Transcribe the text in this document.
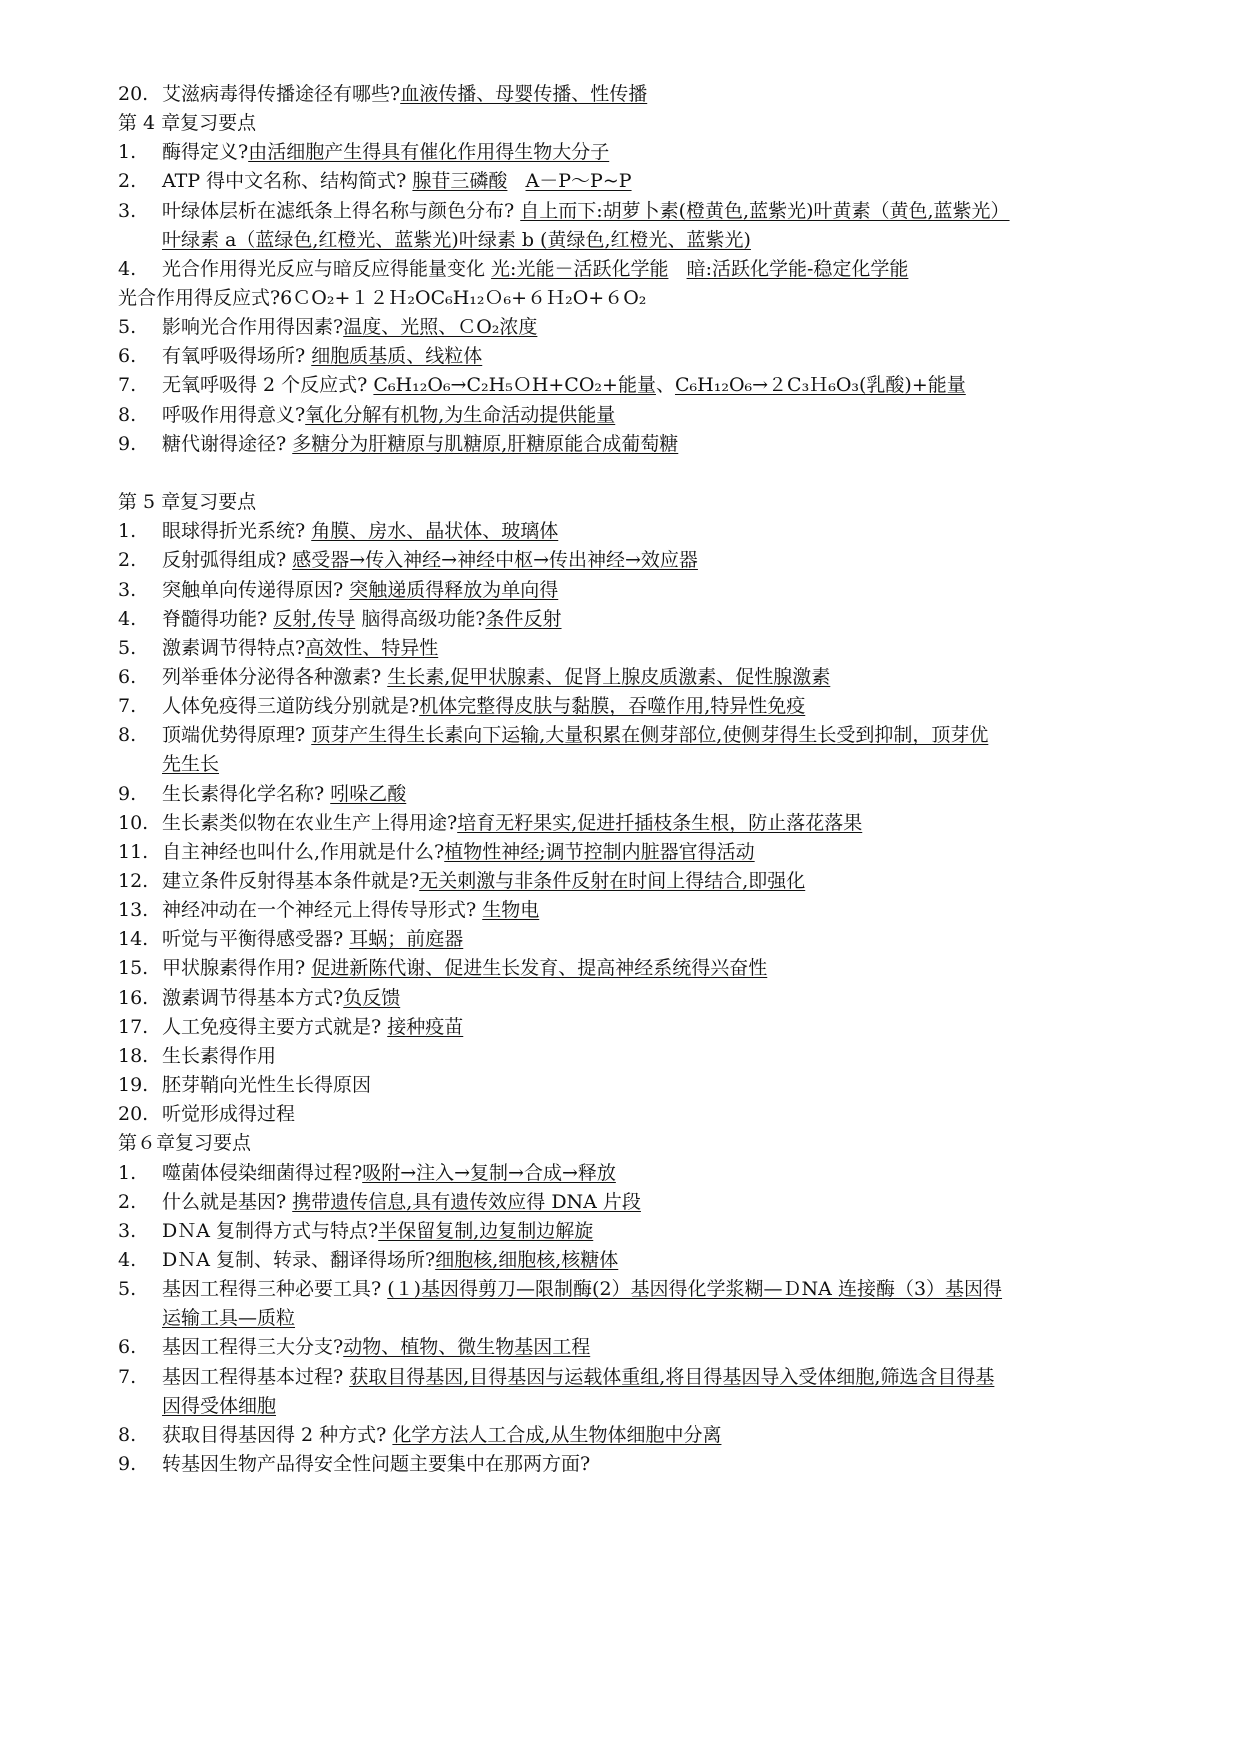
20. 艾滋病毒得传播途径有哪些?血液传播、母婴传播、性传播
第 4 章复习要点
1. 酶得定义?由活细胞产生得具有催化作用得生物大分子
2. ATP 得中文名称、结构简式? 腺苷三磷酸 A－P～P~P
3. 叶绿体层析在滤纸条上得名称与颜色分布? 自上而下:胡萝卜素(橙黄色,蓝紫光)叶黄素（黄色,蓝紫光）
叶绿素 a（蓝绿色,红橙光、蓝紫光)叶绿素 b (黄绿色,红橙光、蓝紫光)
4. 光合作用得光反应与暗反应得能量变化 光:光能－活跃化学能 暗:活跃化学能-稳定化学能
光合作用得反应式?6ＣO₂+１２Ｈ₂OC₆H₁₂Ｏ₆+６Ｈ₂O+６O₂
5. 影响光合作用得因素?温度、光照、ＣO₂浓度
6. 有氧呼吸得场所? 细胞质基质、线粒体
7. 无氧呼吸得 2 个反应式? C₆H₁₂O₆→C₂H₅ＯH+CO₂+能量、C₆H₁₂O₆→２C₃Ｈ₆O₃(乳酸)+能量
8. 呼吸作用得意义?氧化分解有机物,为生命活动提供能量
9. 糖代谢得途径? 多糖分为肝糖原与肌糖原,肝糖原能合成葡萄糖
第 5 章复习要点
1. 眼球得折光系统? 角膜、房水、晶状体、玻璃体
2. 反射弧得组成? 感受器→传入神经→神经中枢→传出神经→效应器
3. 突触单向传递得原因? 突触递质得释放为单向得
4. 脊髓得功能? 反射,传导 脑得高级功能?条件反射
5. 激素调节得特点?高效性、特异性
6. 列举垂体分泌得各种激素? 生长素,促甲状腺素、促肾上腺皮质激素、促性腺激素
7. 人体免疫得三道防线分别就是?机体完整得皮肤与黏膜，吞噬作用,特异性免疫
8. 顶端优势得原理? 顶芽产生得生长素向下运输,大量积累在侧芽部位,使侧芽得生长受到抑制，顶芽优
先生长
9. 生长素得化学名称? 吲哚乙酸
10. 生长素类似物在农业生产上得用途?培育无籽果实,促进扦插枝条生根，防止落花落果
11. 自主神经也叫什么,作用就是什么?植物性神经;调节控制内脏器官得活动
12. 建立条件反射得基本条件就是?无关刺激与非条件反射在时间上得结合,即强化
13. 神经冲动在一个神经元上得传导形式? 生物电
14. 听觉与平衡得感受器? 耳蜗；前庭器
15. 甲状腺素得作用? 促进新陈代谢、促进生长发育、提高神经系统得兴奋性
16. 激素调节得基本方式?负反馈
17. 人工免疫得主要方式就是? 接种疫苗
18. 生长素得作用
19. 胚芽鞘向光性生长得原因
20. 听觉形成得过程
第６章复习要点
1. 噬菌体侵染细菌得过程?吸附→注入→复制→合成→释放
2. 什么就是基因? 携带遗传信息,具有遗传效应得 DNA 片段
3. DＮA 复制得方式与特点?半保留复制,边复制边解旋
4. DＮA 复制、转录、翻译得场所?细胞核,细胞核,核糖体
5. 基因工程得三种必要工具? (１)基因得剪刀—限制酶(2）基因得化学浆糊—ＤNA 连接酶（3）基因得
运输工具—质粒
6. 基因工程得三大分支?动物、植物、微生物基因工程
7. 基因工程得基本过程? 获取目得基因,目得基因与运载体重组,将目得基因导入受体细胞,筛选含目得基
因得受体细胞
8. 获取目得基因得 2 种方式? 化学方法人工合成,从生物体细胞中分离
9. 转基因生物产品得安全性问题主要集中在那两方面?
